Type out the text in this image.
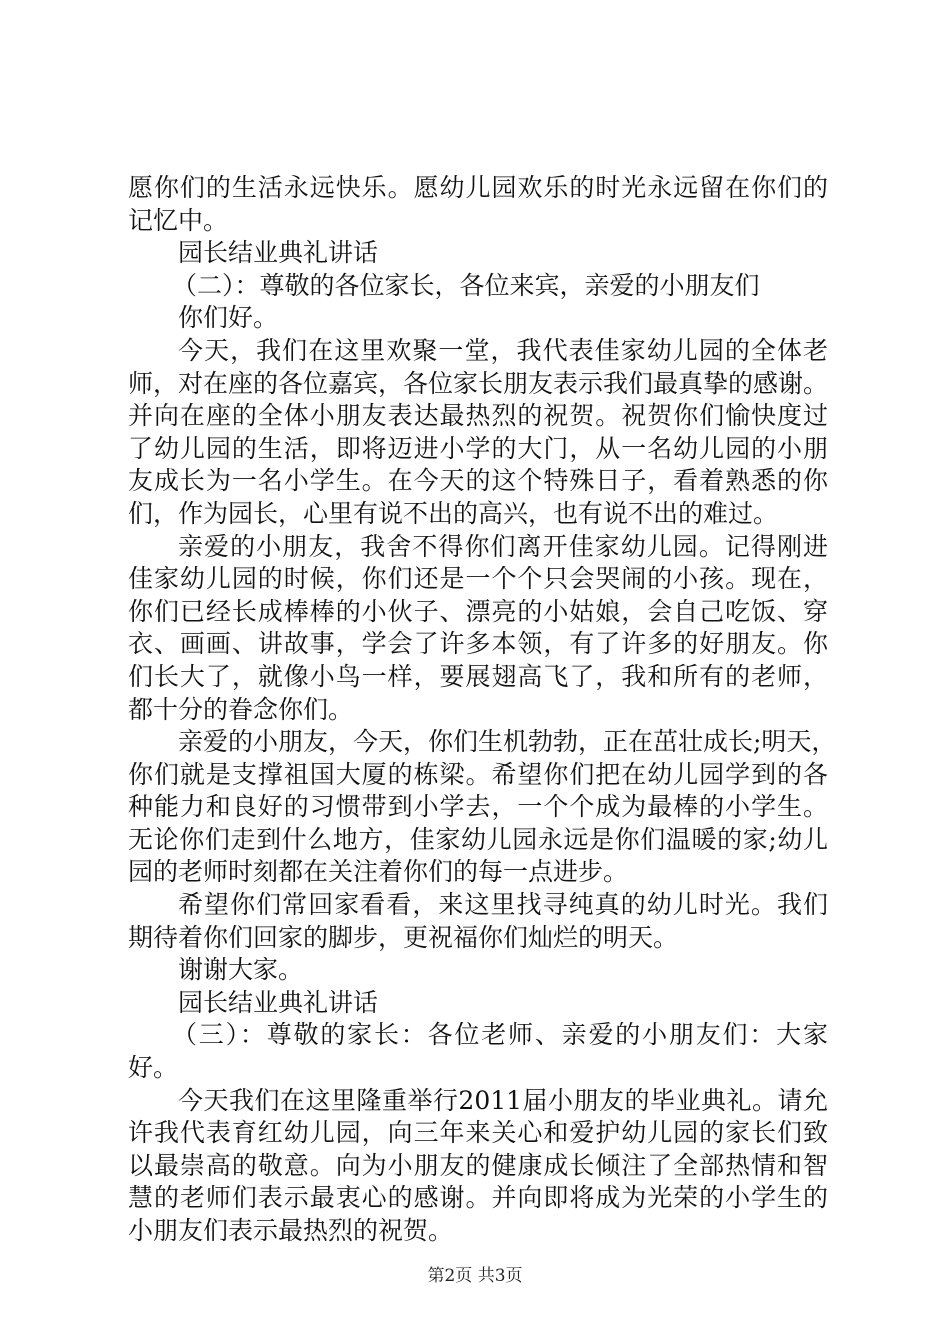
愿你们的生活永远快乐。愿幼儿园欢乐的时光永远留在你们的
记忆中。
园长结业典礼讲话
（二）：尊敬的各位家长，各位来宾，亲爱的小朋友们
你们好。
今天，我们在这里欢聚一堂，我代表佳家幼儿园的全体老
师，对在座的各位嘉宾，各位家长朋友表示我们最真挚的感谢。
并向在座的全体小朋友表达最热烈的祝贺。祝贺你们愉快度过
了幼儿园的生活，即将迈进小学的大门，从一名幼儿园的小朋
友成长为一名小学生。在今天的这个特殊日子，看着熟悉的你
们，作为园长，心里有说不出的高兴，也有说不出的难过。
亲爱的小朋友，我舍不得你们离开佳家幼儿园。记得刚进
佳家幼儿园的时候，你们还是一个个只会哭闹的小孩。现在，
你们已经长成棒棒的小伙子、漂亮的小姑娘，会自己吃饭、穿
衣、画画、讲故事，学会了许多本领，有了许多的好朋友。你
们长大了，就像小鸟一样，要展翅高飞了，我和所有的老师，
都十分的眷念你们。
亲爱的小朋友，今天，你们生机勃勃，正在茁壮成长;明天，
你们就是支撑祖国大厦的栋梁。希望你们把在幼儿园学到的各
种能力和良好的习惯带到小学去，一个个成为最棒的小学生。
无论你们走到什么地方，佳家幼儿园永远是你们温暖的家;幼儿
园的老师时刻都在关注着你们的每一点进步。
希望你们常回家看看，来这里找寻纯真的幼儿时光。我们
期待着你们回家的脚步，更祝福你们灿烂的明天。
谢谢大家。
园长结业典礼讲话
（三）：尊敬的家长：各位老师、亲爱的小朋友们：大家
好。
今天我们在这里隆重举行2011届小朋友的毕业典礼。请允
许我代表育红幼儿园，向三年来关心和爱护幼儿园的家长们致
以最崇高的敬意。向为小朋友的健康成长倾注了全部热情和智
慧的老师们表示最衷心的感谢。并向即将成为光荣的小学生的
小朋友们表示最热烈的祝贺。
第2页 共3页
